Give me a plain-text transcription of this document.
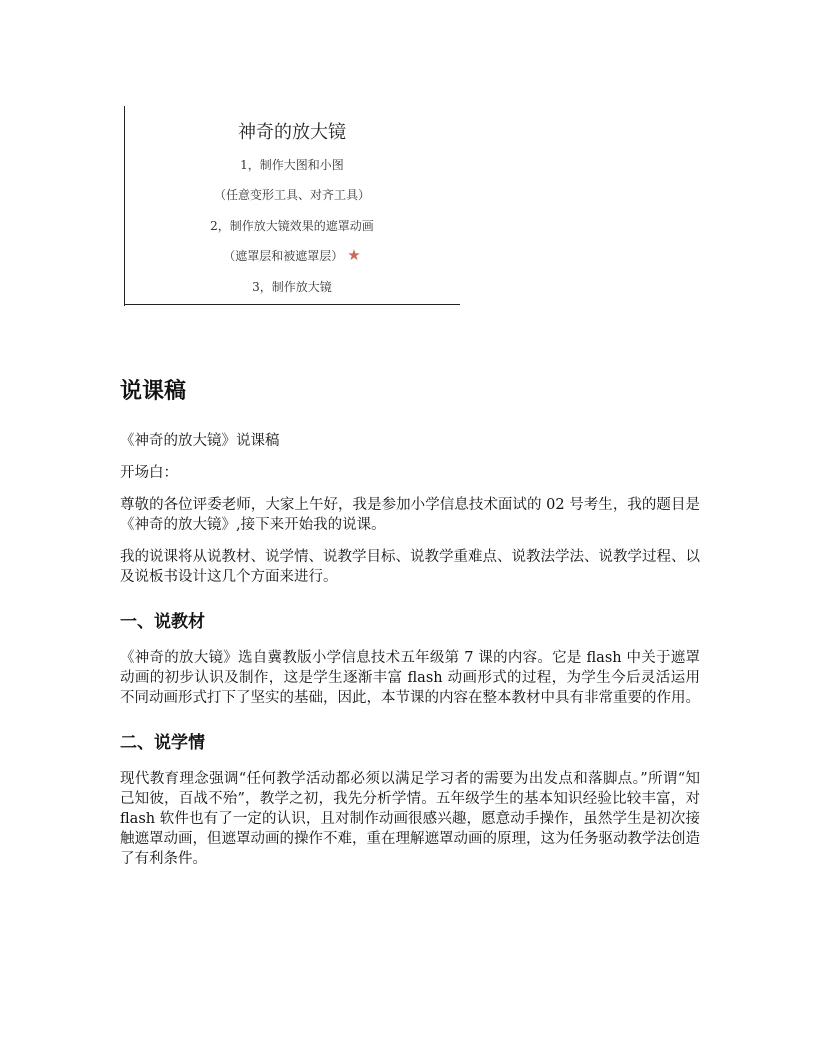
神奇的放大镜
1，制作大图和小图
（任意变形工具、对齐工具）
2，制作放大镜效果的遮罩动画
（遮罩层和被遮罩层） ★
3，制作放大镜
说课稿

《神奇的放大镜》说课稿

开场白：

尊敬的各位评委老师，大家上午好，我是参加小学信息技术面试的 02 号考生，我的题目是《神奇的放大镜》,接下来开始我的说课。

我的说课将从说教材、说学情、说教学目标、说教学重难点、说教法学法、说教学过程、以及说板书设计这几个方面来进行。

一、说教材

《神奇的放大镜》选自冀教版小学信息技术五年级第 7 课的内容。它是 flash 中关于遮罩动画的初步认识及制作，这是学生逐渐丰富 flash 动画形式的过程，为学生今后灵活运用不同动画形式打下了坚实的基础，因此，本节课的内容在整本教材中具有非常重要的作用。

二、说学情

现代教育理念强调“任何教学活动都必须以满足学习者的需要为出发点和落脚点。”所谓“知己知彼，百战不殆”，教学之初，我先分析学情。五年级学生的基本知识经验比较丰富，对 flash 软件也有了一定的认识，且对制作动画很感兴趣，愿意动手操作，虽然学生是初次接触遮罩动画，但遮罩动画的操作不难，重在理解遮罩动画的原理，这为任务驱动教学法创造了有利条件。
